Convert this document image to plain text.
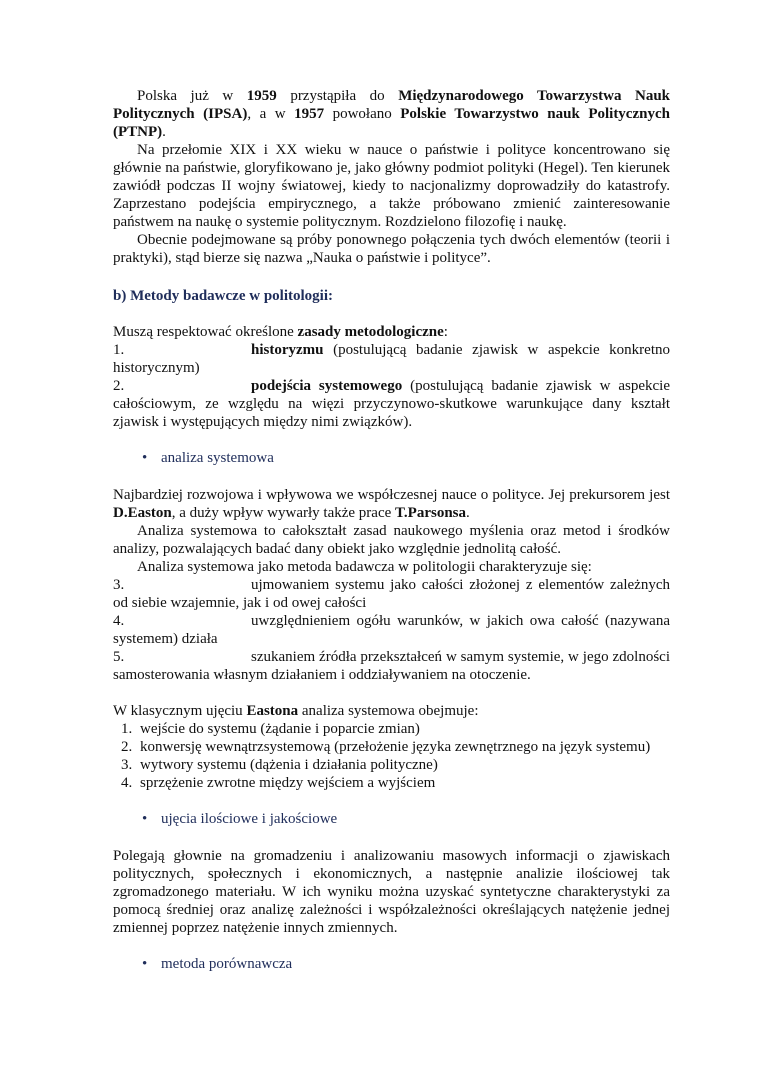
Polska już w 1959 przystąpiła do Międzynarodowego Towarzystwa Nauk Politycznych (IPSA), a w 1957 powołano Polskie Towarzystwo nauk Politycznych (PTNP).

Na przełomie XIX i XX wieku w nauce o państwie i polityce koncentrowano się głównie na państwie, gloryfikowano je, jako główny podmiot polityki (Hegel). Ten kierunek zawiódł podczas II wojny światowej, kiedy to nacjonalizmy doprowadziły do katastrofy. Zaprzestano podejścia empirycznego, a także próbowano zmienić zainteresowanie państwem na naukę o systemie politycznym. Rozdzielono filozofię i naukę.

Obecnie podejmowane są próby ponownego połączenia tych dwóch elementów (teorii i praktyki), stąd bierze się nazwa „Nauka o państwie i polityce”.

b) Metody badawcze w politologii:

Muszą respektować określone zasady metodologiczne:

1.	historyzmu (postulującą badanie zjawisk w aspekcie konkretno historycznym)
2.	podejścia systemowego (postulującą badanie zjawisk w aspekcie całościowym, ze względu na więzi przyczynowo-skutkowe warunkujące dany kształt zjawisk i występujących między nimi związków).
• analiza systemowa

Najbardziej rozwojowa i wpływowa we współczesnej nauce o polityce. Jej prekursorem jest D.Easton, a duży wpływ wywarły także prace T.Parsonsa.

Analiza systemowa to całokształt zasad naukowego myślenia oraz metod i środków analizy, pozwalających badać dany obiekt jako względnie jednolitą całość.

Analiza systemowa jako metoda badawcza w politologii charakteryzuje się:

3.	ujmowaniem systemu jako całości złożonej z elementów zależnych od siebie wzajemnie, jak i od owej całości
4.	uwzględnieniem ogółu warunków, w jakich owa całość (nazywana systemem) działa
5.	szukaniem źródła przekształceń w samym systemie, w jego zdolności samosterowania własnym działaniem i oddziaływaniem na otoczenie.

W klasycznym ujęciu Eastona analiza systemowa obejmuje:

1. wejście do systemu (żądanie i poparcie zmian)
2. konwersję wewnątrzsystemową (przełożenie języka zewnętrznego na język systemu)
3. wytwory systemu (dążenia i działania polityczne)
4. sprzężenie zwrotne między wejściem a wyjściem
• ujęcia ilościowe i jakościowe

Polegają głownie na gromadzeniu i analizowaniu masowych informacji o zjawiskach politycznych, społecznych i ekonomicznych, a następnie analizie ilościowej tak zgromadzonego materiału. W ich wyniku można uzyskać syntetyczne charakterystyki za pomocą średniej oraz analizę zależności i współzależności określających natężenie jednej zmiennej poprzez natężenie innych zmiennych.

• metoda porównawcza
